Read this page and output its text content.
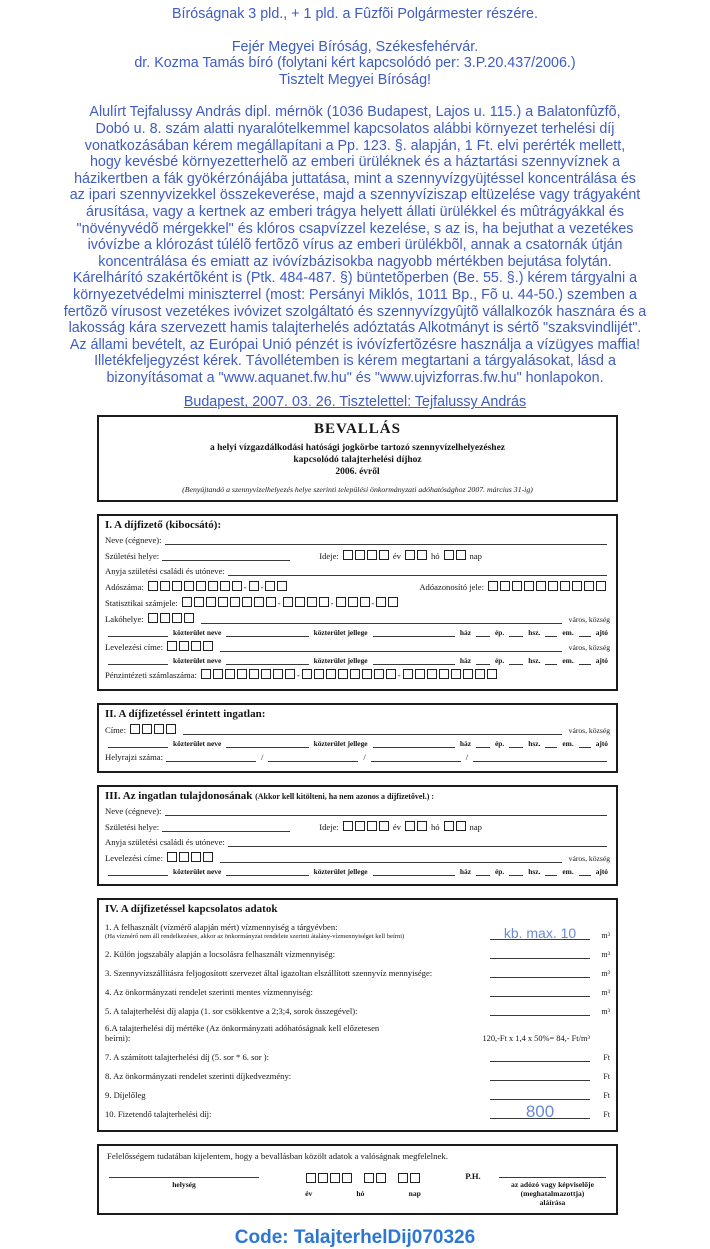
Bíróságnak 3 pld., + 1 pld. a Fûzfõi Polgármester részére.
Fejér Megyei Bíróság, Székesfehérvár.
dr. Kozma Tamás bíró (folytani kért kapcsolódó per: 3.P.20.437/2006.)
Tisztelt Megyei Bíróság!
Alulírt Tejfalussy András dipl. mérnök (1036 Budapest, Lajos u. 115.) a Balatonfûzfõ,
Dobó u. 8. szám alatti nyaralótelkemmel kapcsolatos alábbi környezet terhelési díj
vonatkozásában kérem megállapítani a Pp. 123. §. alapján, 1 Ft. elvi perérték mellett,
hogy kevésbé környezetterhelõ az emberi ürüléknek és a háztartási szennyvíznek a
házikertben a fák gyökérzónájába juttatása, mint a szennyvízgyüjtéssel koncentrálása és
az ipari szennyvizekkel összekeverése, majd a szennyvíziszap eltüzelése vagy trágyaként
árusítása, vagy a kertnek az emberi trágya helyett állati ürülékkel és mûtrágyákkal és
"növényvédõ mérgekkel" és klóros csapvízzel kezelése, s az is, ha bejuthat a vezetékes
ivóvízbe a klórozást túlélõ fertõzõ vírus az emberi ürülékbõl, annak a csatornák útján
koncentrálása és emiatt az ivóvízbázisokba nagyobb mértékben bejutása folytán.
Kárelhárító szakértõként is (Ptk. 484-487. §) büntetõperben (Be. 55. §.) kérem tárgyalni a
környezetvédelmi miniszterrel (most: Persányi Miklós, 1011 Bp., Fõ u. 44-50.) szemben a
fertõzõ vírusost vezetékes ivóvizet szolgáltató és szennyvízgyûjtõ vállalkozók hasznára és a
lakosság kára szervezett hamis talajterhelés adóztatás Alkotmányt is sértõ "szaksvindlijét".
Az állami bevételt, az Európai Unió pénzét is ivóvízfertõzésre használja a vízügyes maffia!
Illetékfeljegyzést kérek. Távollétemben is kérem megtartani a tárgyalásokat, lásd a
bizonyításomat a "www.aquanet.fw.hu" és "www.ujvizforras.fw.hu" honlapokon.
Budapest, 2007. 03. 26. Tisztelettel: Tejfalussy András
BEVALLÁS
a helyi vízgazdálkodási hatósági jogkörbe tartozó szennyvízelhelyezéshez
kapcsolódó talajterhelési díjhoz
2006. évről
(Benyújtandó a szennyvízelhelyezés helye szerinti települési önkormányzati adóhatósághoz 2007. március 31-ig)
I. A díjfizető (kibocsátó):
Neve (cégneve):
Születési helye:	Ideje:	év	hó	nap
Anyja születési családi és utóneve:
Adószáma:	- -	Adóazonosító jele:
Statisztikai számjele:	-	-	-
Lakóhelye:	város, község
közterület neve	közterület jellege	ház	ép.	hsz.	em.	ajtó
Levelezési címe:	város, község
közterület neve	közterület jellege	ház	ép.	hsz.	em.	ajtó
Pénzintézeti számlaszáma:	-	-
II. A díjfizetéssel érintett ingatlan:
Címe:	város, község
közterület neve	közterület jellege	ház	ép.	hsz.	em.	ajtó
Helyrajzi száma:	/	/	/
III. Az ingatlan tulajdonosának (Akkor kell kitölteni, ha nem azonos a díjfizetővel.) :
Neve (cégneve):
Születési helye:	Ideje:	év	hó	nap
Anyja születési családi és utóneve:
Levelezési címe:	város, község
közterület neve	közterület jellege	ház	ép.	hsz.	em.	ajtó
IV. A díjfizetéssel kapcsolatos adatok
1. A felhasznált (vízmérő alapján mért) vízmennyiség a tárgyévben:
(Ha vízmérő nem áll rendelkezésre, akkor az önkormányzat rendelete szerinti átalány-vízmennyiséget kell beírni)	kb. max. 10	m³
2. Külön jogszabály alapján a locsolásra felhasznált vízmennyiség:	m³
3. Szennyvízszállításra feljogosított szervezet által igazoltan elszállított szennyvíz mennyisége:	m³
4. Az önkormányzati rendelet szerinti mentes vízmennyiség:	m³
5. A talajterhelési díj alapja (1. sor csökkentve a 2;3;4, sorok összegével):	m³
6.A talajterhelési díj mértéke (Az önkormányzati adóhatóságnak kell előzetesen beírni):	120,-Ft x 1,4 x 50%= 84,- Ft/m³
7. A számított talajterhelési díj (5. sor * 6. sor ):	Ft
8. Az önkormányzati rendelet szerinti díjkedvezmény:	Ft
9. Díjelőleg	Ft
10. Fizetendő talajterhelési díj:	800	Ft
Felelősségem tudatában kijelentem, hogy a bevallásban közölt adatok a valóságnak megfelelnek.
helység

év	hó	nap
P.H.
az adózó vagy képviselője (meghatalmazottja)
aláírása
Code: TalajterhelDij070326
